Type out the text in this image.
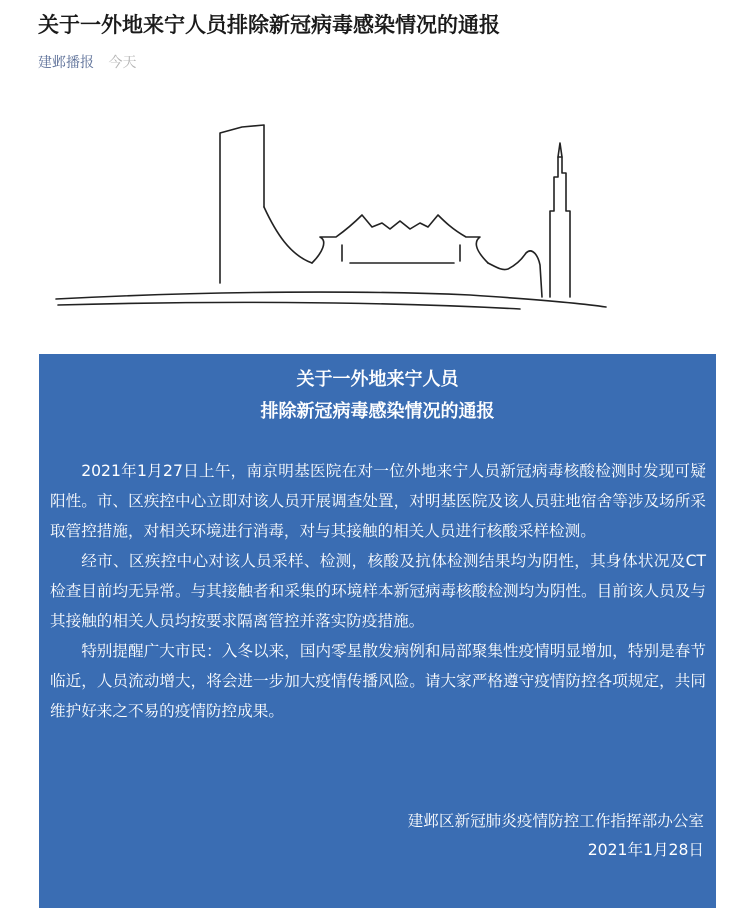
关于一外地来宁人员排除新冠病毒感染情况的通报
建邺播报 今天
关于一外地来宁人员
排除新冠病毒感染情况的通报

2021年1月27日上午，南京明基医院在对一位外地来宁人员新冠病毒核酸检测时发现可疑阳性。市、区疾控中心立即对该人员开展调查处置，对明基医院及该人员驻地宿舍等涉及场所采取管控措施，对相关环境进行消毒，对与其接触的相关人员进行核酸采样检测。

经市、区疾控中心对该人员采样、检测，核酸及抗体检测结果均为阴性，其身体状况及CT检查目前均无异常。与其接触者和采集的环境样本新冠病毒核酸检测均为阴性。目前该人员及与其接触的相关人员均按要求隔离管控并落实防疫措施。

特别提醒广大市民：入冬以来，国内零星散发病例和局部聚集性疫情明显增加，特别是春节临近，人员流动增大，将会进一步加大疫情传播风险。请大家严格遵守疫情防控各项规定，共同维护好来之不易的疫情防控成果。

建邺区新冠肺炎疫情防控工作指挥部办公室
2021年1月28日
